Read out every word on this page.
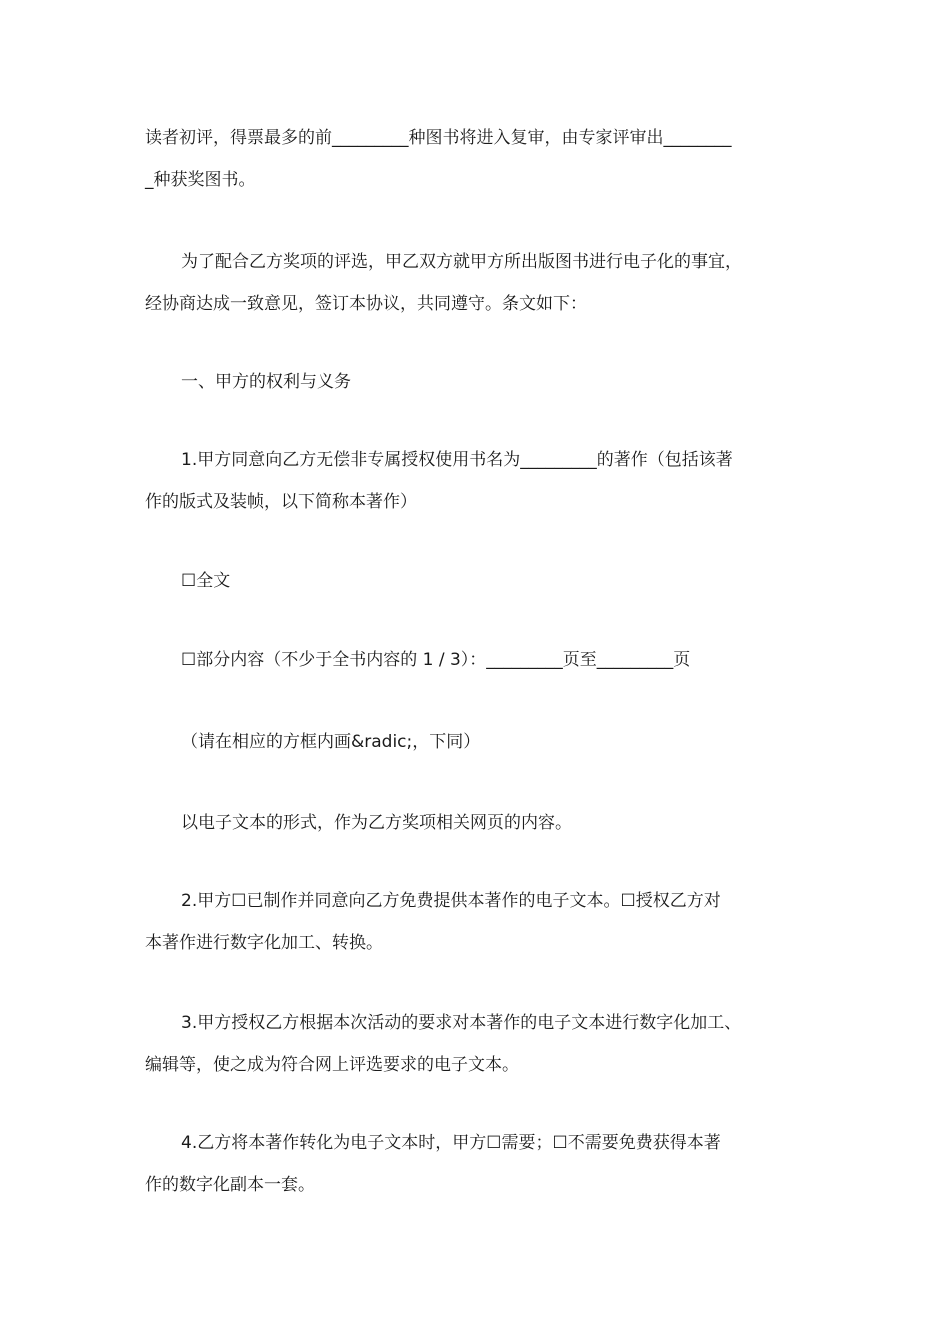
读者初评，得票最多的前_________种图书将进入复审，由专家评审出________
_种获奖图书。

为了配合乙方奖项的评选，甲乙双方就甲方所出版图书进行电子化的事宜，
经协商达成一致意见，签订本协议，共同遵守。条文如下：

一、甲方的权利与义务

1.甲方同意向乙方无偿非专属授权使用书名为_________的著作（包括该著
作的版式及装帧，以下简称本著作）

☐全文

☐部分内容（不少于全书内容的 1 / 3）：_________页至_________页

（请在相应的方框内画&radic;，下同）

以电子文本的形式，作为乙方奖项相关网页的内容。

2.甲方☐已制作并同意向乙方免费提供本著作的电子文本。☐授权乙方对
本著作进行数字化加工、转换。

3.甲方授权乙方根据本次活动的要求对本著作的电子文本进行数字化加工、
编辑等，使之成为符合网上评选要求的电子文本。

4.乙方将本著作转化为电子文本时，甲方☐需要；☐不需要免费获得本著
作的数字化副本一套。
